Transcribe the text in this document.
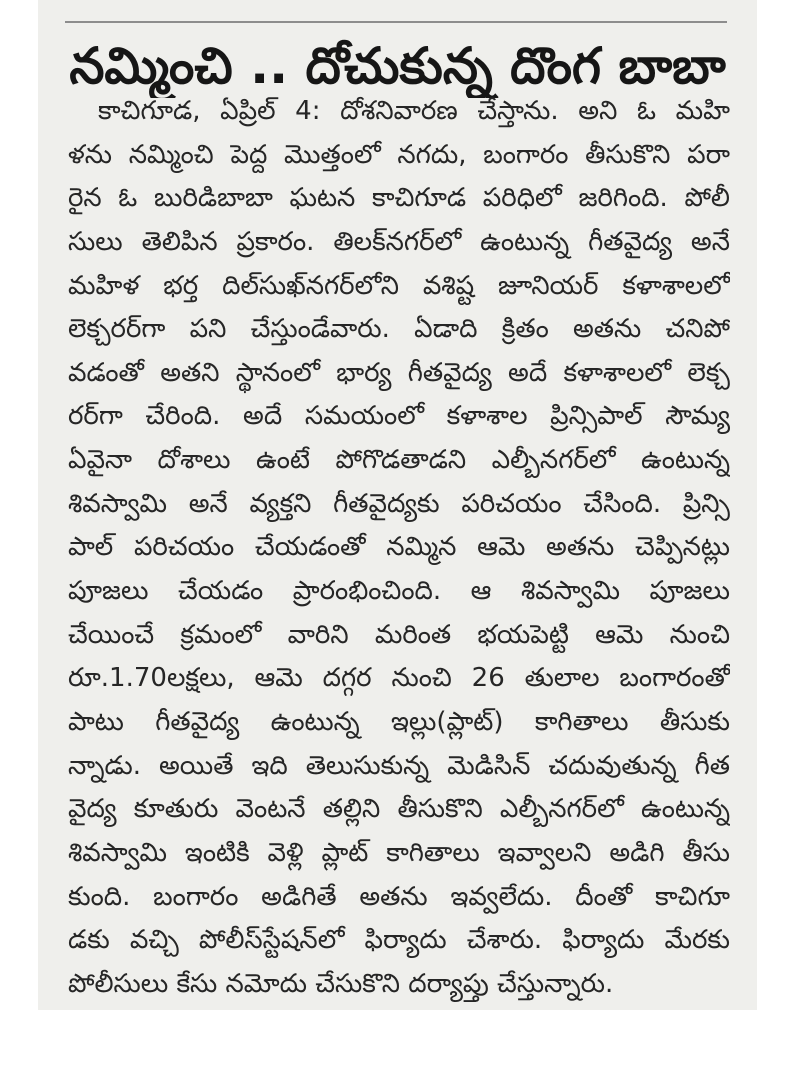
నమ్మించి .. దోచుకున్న దొంగ బాబా
కాచిగూడ, ఏప్రిల్ 4: దోశనివారణ చేస్తాను. అని ఓ మహి
ళను నమ్మించి పెద్ద మొత్తంలో నగదు, బంగారం తీసుకొని పరా
రైన ఓ బురిడిబాబా ఘటన కాచిగూడ పరిధిలో జరిగింది. పోలీ
సులు తెలిపిన ప్రకారం. తిలక్‌నగర్‌లో ఉంటున్న గీతవైద్య అనే
మహిళ భర్త దిల్‌సుఖ్‌నగర్‌లోని వశిష్ట జూనియర్ కళాశాలలో
లెక్చరర్‌గా పని చేస్తుండేవారు. ఏడాది క్రితం అతను చనిపో
వడంతో అతని స్థానంలో భార్య గీతవైద్య అదే కళాశాలలో లెక్చ
రర్‌గా చేరింది. అదే సమయంలో కళాశాల ప్రిన్సిపాల్ సౌమ్య
ఏవైనా దోశాలు ఉంటే పోగొడతాడని ఎల్బీనగర్‌లో ఉంటున్న
శివస్వామి అనే వ్యక్తని గీతవైద్యకు పరిచయం చేసింది. ప్రిన్సి
పాల్ పరిచయం చేయడంతో నమ్మిన ఆమె అతను చెప్పినట్లు
పూజలు చేయడం ప్రారంభించింది. ఆ శివస్వామి పూజలు
చేయించే క్రమంలో వారిని మరింత భయపెట్టి ఆమె నుంచి
రూ.1.70లక్షలు, ఆమె దగ్గర నుంచి 26 తులాల బంగారంతో
పాటు గీతవైద్య ఉంటున్న ఇల్లు(ప్లాట్) కాగితాలు తీసుకు
న్నాడు. అయితే ఇది తెలుసుకున్న మెడిసిన్ చదువుతున్న గీత
వైద్య కూతురు వెంటనే తల్లిని తీసుకొని ఎల్బీనగర్‌లో ఉంటున్న
శివస్వామి ఇంటికి వెళ్లి ప్లాట్ కాగితాలు ఇవ్వాలని అడిగి తీసు
కుంది. బంగారం అడిగితే అతను ఇవ్వలేదు. దీంతో కాచిగూ
డకు వచ్చి పోలీస్‌స్టేషన్‌లో ఫిర్యాదు చేశారు. ఫిర్యాదు మేరకు
పోలీసులు కేసు నమోదు చేసుకొని దర్యాప్తు చేస్తున్నారు.
